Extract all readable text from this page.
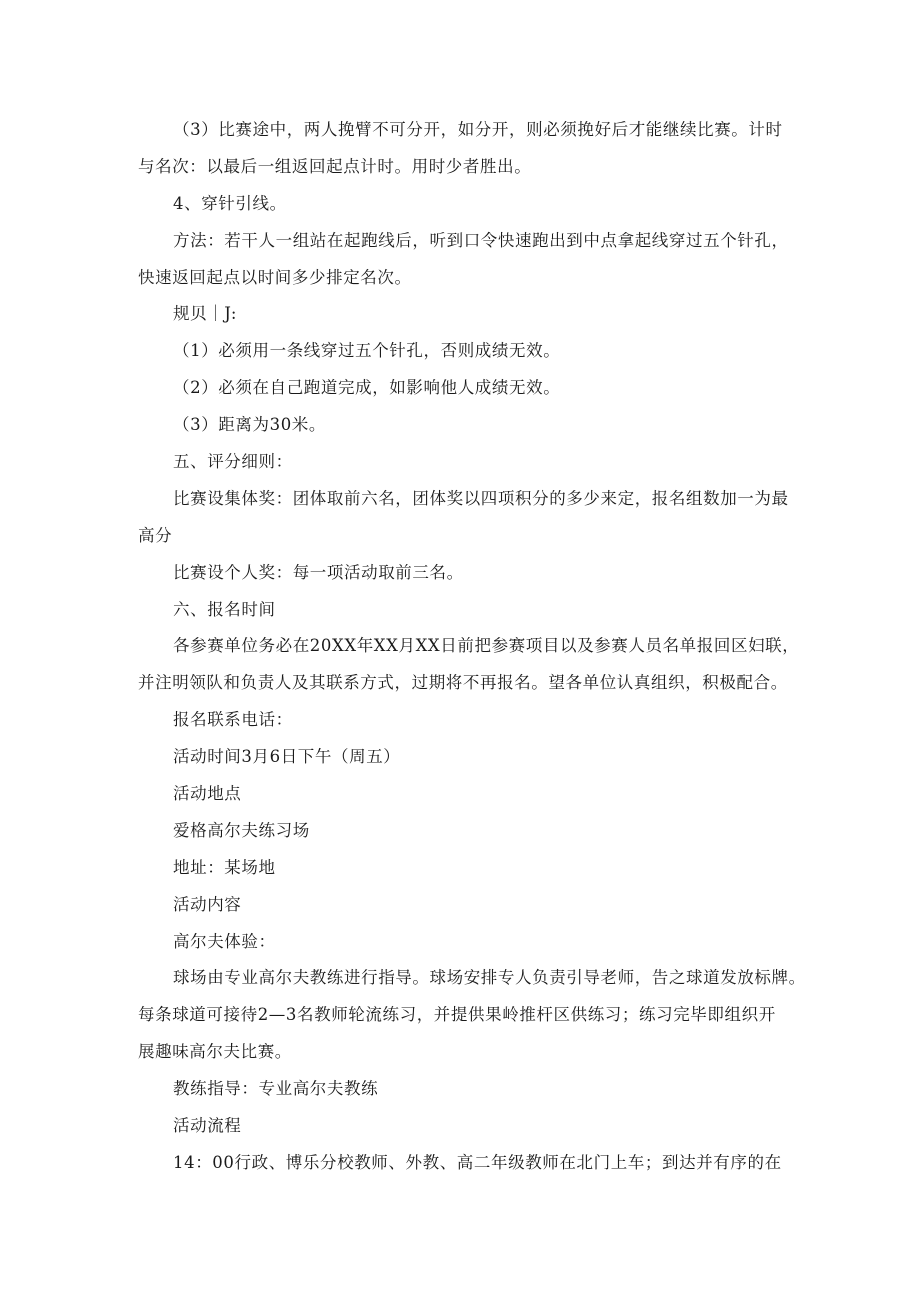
（3）比赛途中，两人挽臂不可分开，如分开，则必须挽好后才能继续比赛。计时
与名次：以最后一组返回起点计时。用时少者胜出。
4、穿针引线。
方法：若干人一组站在起跑线后，听到口令快速跑出到中点拿起线穿过五个针孔，
快速返回起点以时间多少排定名次。
规贝｜J:
（1）必须用一条线穿过五个针孔，否则成绩无效。
（2）必须在自己跑道完成，如影响他人成绩无效。
（3）距离为30米。
五、评分细则：
比赛设集体奖：团体取前六名，团体奖以四项积分的多少来定，报名组数加一为最
高分
比赛设个人奖：每一项活动取前三名。
六、报名时间
各参赛单位务必在20XX年XX月XX日前把参赛项目以及参赛人员名单报回区妇联，
并注明领队和负责人及其联系方式，过期将不再报名。望各单位认真组织，积极配合。
报名联系电话：
活动时间3月6日下午（周五）
活动地点
爱格高尔夫练习场
地址：某场地
活动内容
高尔夫体验：
球场由专业高尔夫教练进行指导。球场安排专人负责引导老师，告之球道发放标牌。
每条球道可接待2—3名教师轮流练习，并提供果岭推杆区供练习；练习完毕即组织开
展趣味高尔夫比赛。
教练指导：专业高尔夫教练
活动流程
14：00行政、博乐分校教师、外教、高二年级教师在北门上车；到达并有序的在
